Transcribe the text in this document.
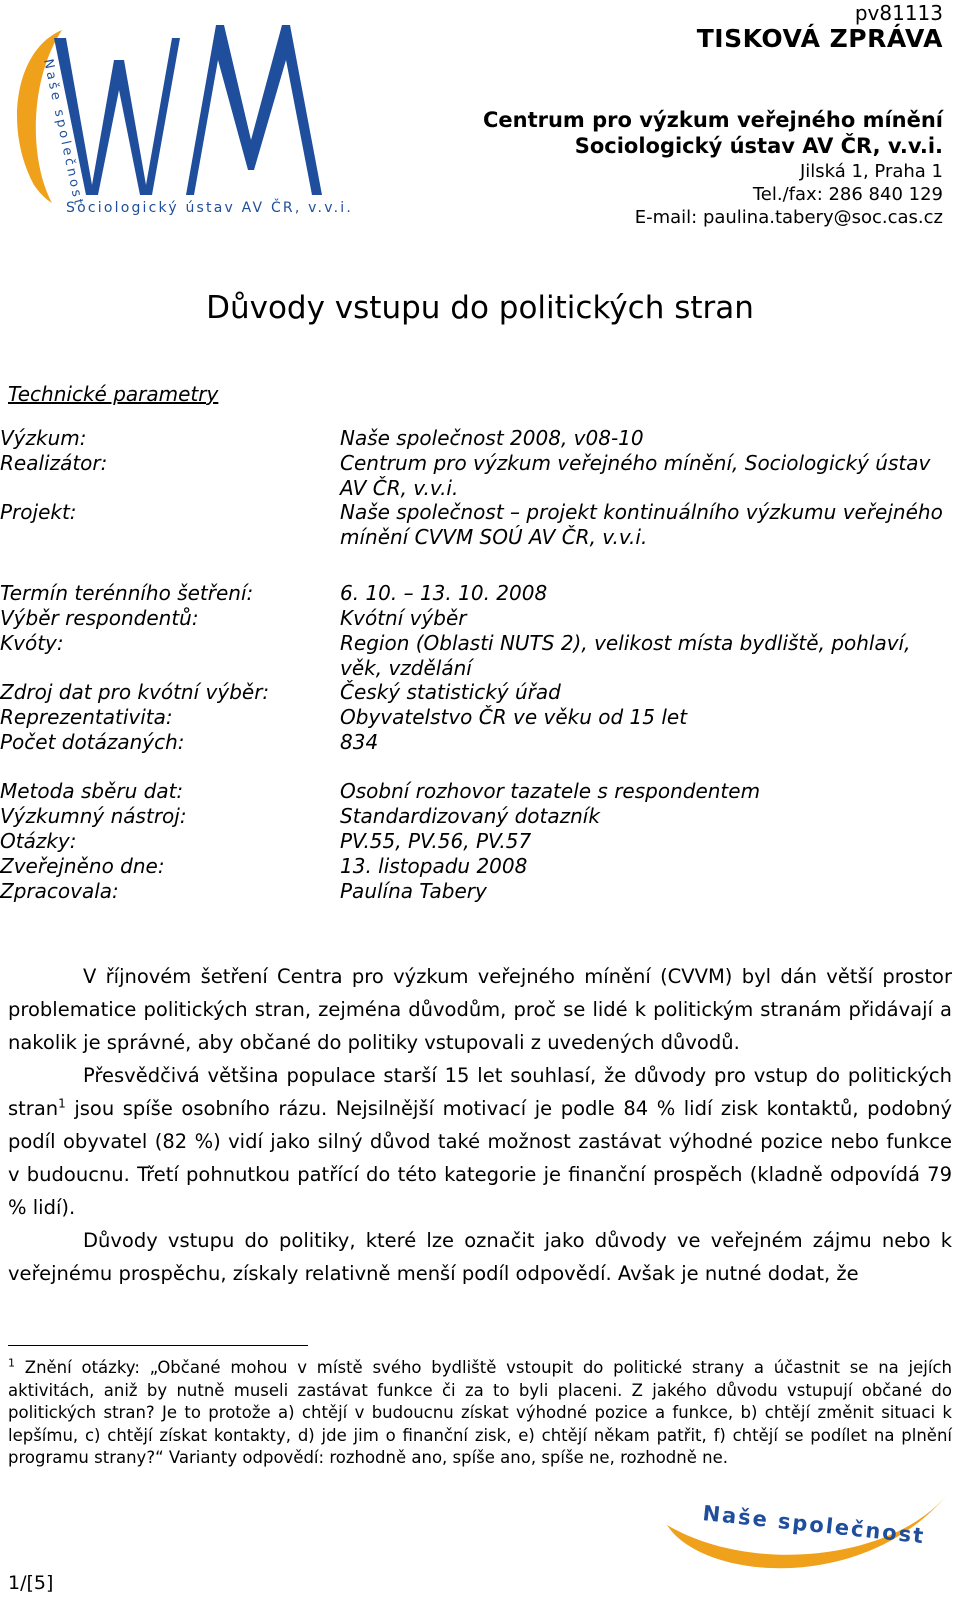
Naše společnost
Sociologický ústav AV ČR, v.v.i.
pv81113
TISKOVÁ ZPRÁVA
Centrum pro výzkum veřejného mínění
Sociologický ústav AV ČR, v.v.i.
Jilská 1, Praha 1
Tel./fax: 286 840 129
E-mail: paulina.tabery@soc.cas.cz
Důvody vstupu do politických stran
Technické parametry
Výzkum:	Naše společnost 2008, v08-10
Realizátor:	Centrum pro výzkum veřejného mínění, Sociologický ústav AV ČR, v.v.i.
Projekt:	Naše společnost – projekt kontinuálního výzkumu veřejného mínění CVVM SOÚ AV ČR, v.v.i.
Termín terénního šetření:	6. 10. – 13. 10. 2008
Výběr respondentů:	Kvótní výběr
Kvóty:	Region (Oblasti NUTS 2), velikost místa bydliště, pohlaví, věk, vzdělání
Zdroj dat pro kvótní výběr:	Český statistický úřad
Reprezentativita:	Obyvatelstvo ČR ve věku od 15 let
Počet dotázaných:	834
Metoda sběru dat:	Osobní rozhovor tazatele s respondentem
Výzkumný nástroj:	Standardizovaný dotazník
Otázky:	PV.55, PV.56, PV.57
Zveřejněno dne:	13. listopadu 2008
Zpracovala:	Paulína Tabery

V říjnovém šetření Centra pro výzkum veřejného mínění (CVVM) byl dán větší prostor problematice politických stran, zejména důvodům, proč se lidé k politickým stranám přidávají a nakolik je správné, aby občané do politiky vstupovali z uvedených důvodů.

Přesvědčivá většina populace starší 15 let souhlasí, že důvody pro vstup do politických stran$^1$ jsou spíše osobního rázu. Nejsilnější motivací je podle 84 % lidí zisk kontaktů, podobný podíl obyvatel (82 %) vidí jako silný důvod také možnost zastávat výhodné pozice nebo funkce v budoucnu. Třetí pohnutkou patřící do této kategorie je finanční prospěch (kladně odpovídá 79 % lidí).

Důvody vstupu do politiky, které lze označit jako důvody ve veřejném zájmu nebo k veřejnému prospěchu, získaly relativně menší podíl odpovědí. Avšak je nutné dodat, že

$^1$ Znění otázky: „Občané mohou v místě svého bydliště vstoupit do politické strany a účastnit se na jejích aktivitách, aniž by nutně museli zastávat funkce či za to byli placeni. Z jakého důvodu vstupují občané do politických stran? Je to protože a) chtějí v budoucnu získat výhodné pozice a funkce, b) chtějí změnit situaci k lepšímu, c) chtějí získat kontakty, d) jde jim o finanční zisk, e) chtějí někam patřit, f) chtějí se podílet na plnění programu strany?“ Varianty odpovědí: rozhodně ano, spíše ano, spíše ne, rozhodně ne.
Naše společnost
1/[5]
